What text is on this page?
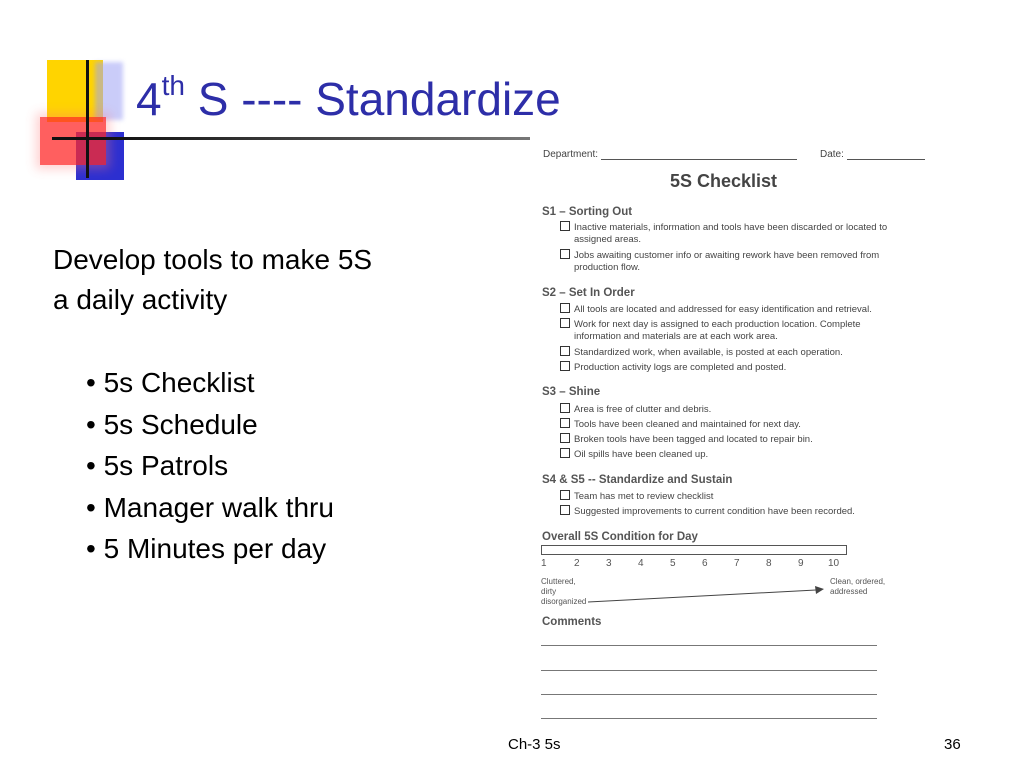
4th S ---- Standardize
Develop tools to make 5S
a daily activity
• 5s Checklist
• 5s Schedule
• 5s Patrols
• Manager walk thru
• 5 Minutes per day
Department:	Date:
5S Checklist
S1 – Sorting Out
Inactive materials, information and tools have been discarded or located to
assigned areas.
Jobs awaiting customer info or awaiting rework have been removed from
production flow.
S2 – Set In Order
All tools are located and addressed for easy identification and retrieval.
Work for next day is assigned to each production location. Complete
information and materials are at each work area.
Standardized work, when available, is posted at each operation.
Production activity logs are completed and posted.
S3 – Shine
Area is free of clutter and debris.
Tools have been cleaned and maintained for next day.
Broken tools have been tagged and located to repair bin.
Oil spills have been cleaned up.
S4 & S5 -- Standardize and Sustain
Team has met to review checklist
Suggested improvements to current condition have been recorded.
Overall 5S Condition for Day
1	2	3	4	5	6	7	8	9 10
Cluttered,
dirty
disorganized
Clean, ordered,
addressed
Comments
Ch-3 5s	36
